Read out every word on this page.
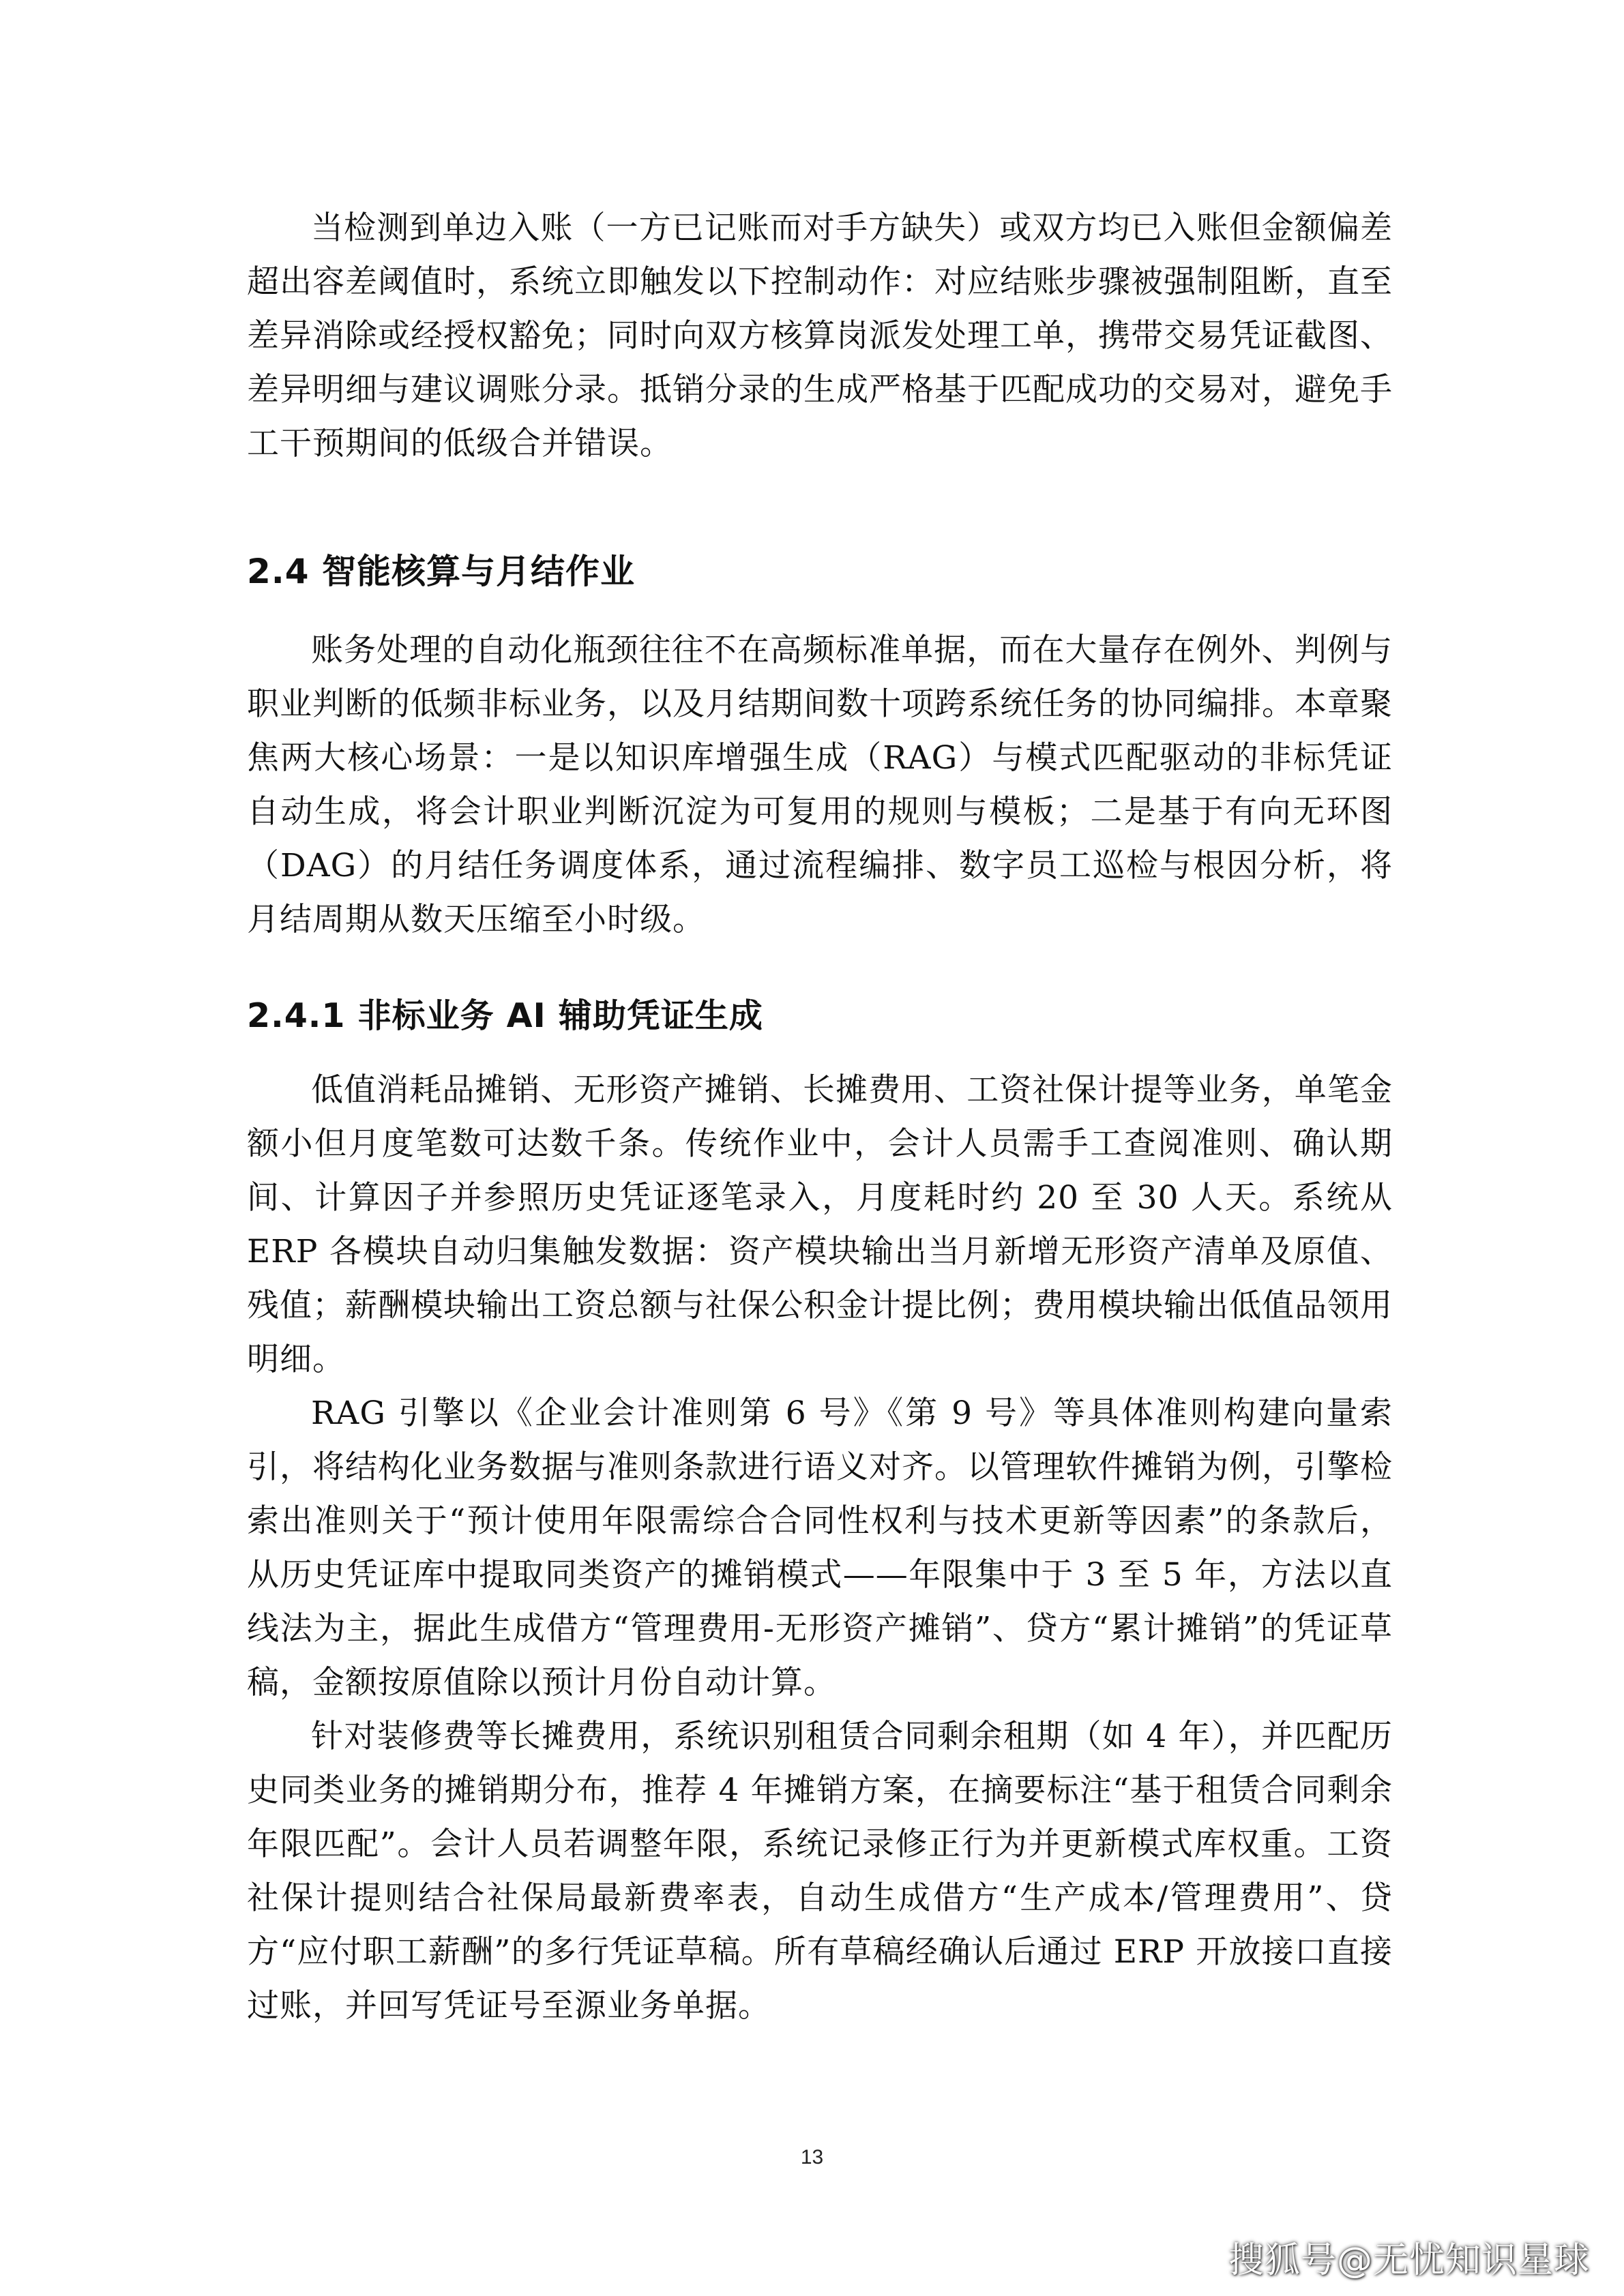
当检测到单边入账（一方已记账而对手方缺失）或双方均已入账但金额偏差超出容差阈值时，系统立即触发以下控制动作：对应结账步骤被强制阻断，直至差异消除或经授权豁免；同时向双方核算岗派发处理工单，携带交易凭证截图、差异明细与建议调账分录。抵销分录的生成严格基于匹配成功的交易对，避免手工干预期间的低级合并错误。

2.4 智能核算与月结作业

账务处理的自动化瓶颈往往不在高频标准单据，而在大量存在例外、判例与职业判断的低频非标业务，以及月结期间数十项跨系统任务的协同编排。本章聚焦两大核心场景：一是以知识库增强生成（RAG）与模式匹配驱动的非标凭证自动生成，将会计职业判断沉淀为可复用的规则与模板；二是基于有向无环图（DAG）的月结任务调度体系，通过流程编排、数字员工巡检与根因分析，将月结周期从数天压缩至小时级。

2.4.1 非标业务 AI 辅助凭证生成

低值消耗品摊销、无形资产摊销、长摊费用、工资社保计提等业务，单笔金额小但月度笔数可达数千条。传统作业中，会计人员需手工查阅准则、确认期间、计算因子并参照历史凭证逐笔录入，月度耗时约 20 至 30 人天。系统从 ERP 各模块自动归集触发数据：资产模块输出当月新增无形资产清单及原值、残值；薪酬模块输出工资总额与社保公积金计提比例；费用模块输出低值品领用明细。

RAG 引擎以《企业会计准则第 6 号》《第 9 号》等具体准则构建向量索引，将结构化业务数据与准则条款进行语义对齐。以管理软件摊销为例，引擎检索出准则关于“预计使用年限需综合合同性权利与技术更新等因素”的条款后，从历史凭证库中提取同类资产的摊销模式——年限集中于 3 至 5 年，方法以直线法为主，据此生成借方“管理费用-无形资产摊销”、贷方“累计摊销”的凭证草稿，金额按原值除以预计月份自动计算。

针对装修费等长摊费用，系统识别租赁合同剩余租期（如 4 年），并匹配历史同类业务的摊销期分布，推荐 4 年摊销方案，在摘要标注“基于租赁合同剩余年限匹配”。会计人员若调整年限，系统记录修正行为并更新模式库权重。工资社保计提则结合社保局最新费率表，自动生成借方“生产成本/管理费用”、贷方“应付职工薪酬”的多行凭证草稿。所有草稿经确认后通过 ERP 开放接口直接过账，并回写凭证号至源业务单据。

13
搜狐号@无忧知识星球
